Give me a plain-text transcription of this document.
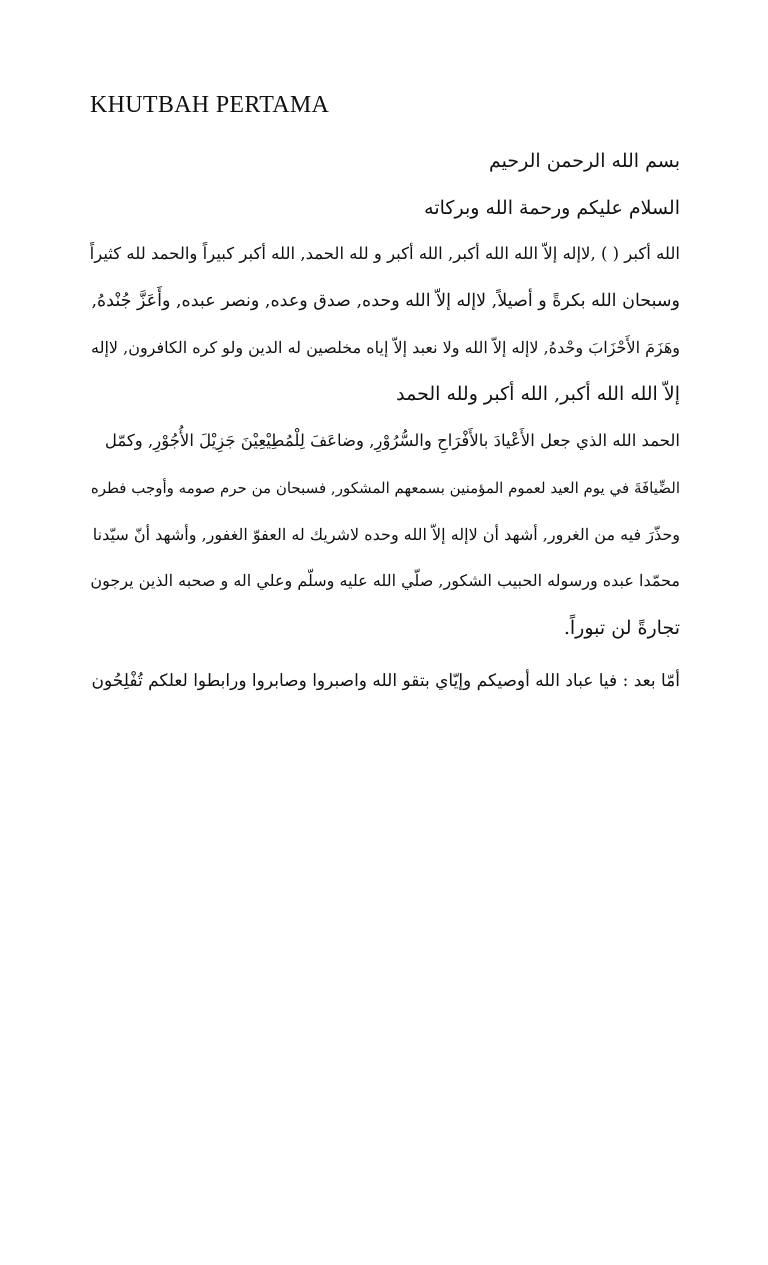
KHUTBAH PERTAMA
بسم الله الرحمن الرحيم
السلام عليكم ورحمة الله وبركاته
الله أكبر ( ) ,لاإله إلاّ الله الله أكبر, الله أكبر و لله الحمد, الله أكبر كبيراً والحمد لله كثيراً
وسبحان الله بكرةً و أصيلاً, لاإله إلاّ الله وحده, صدق وعده, ونصر عبده, وأَعَزَّ جُنْدهُ,
وهَزَمَ الأَحْزَابَ وحْدهُ, لاإله إلاّ الله ولا نعبد إلاّ إياه مخلصين له الدين ولو كره الكافرون, لاإله
إلاّ الله الله أكبر, الله أكبر ولله الحمد
الحمد الله الذي جعل الأَعْيادَ بالأَفْرَاحِ والسُّرُوْرِ, وضاعَفَ لِلْمُطِيْعِيْنَ جَزِيْلَ الأُجُوْرِ, وكمّل
الضِّيافَةَ في يوم العيد لعموم المؤمنين بسمعهم المشكور, فسبحان من حرم صومه وأوجب فطره
وحذّرَ فيه من الغرور, أشهد أن لاإله إلاّ الله وحده لاشريك له العفوّ الغفور, وأشهد أنّ سيّدنا
محمّدا عبده ورسوله الحبيب الشكور, صلّي الله عليه وسلّم وعلي اله و صحبه الذين يرجون
تجارةً لن تبوراً.
أمّا بعد : فيا عباد الله أوصيكم وإيّاي بتقو الله واصبروا وصابروا ورابطوا لعلكم تُفْلِحُون
